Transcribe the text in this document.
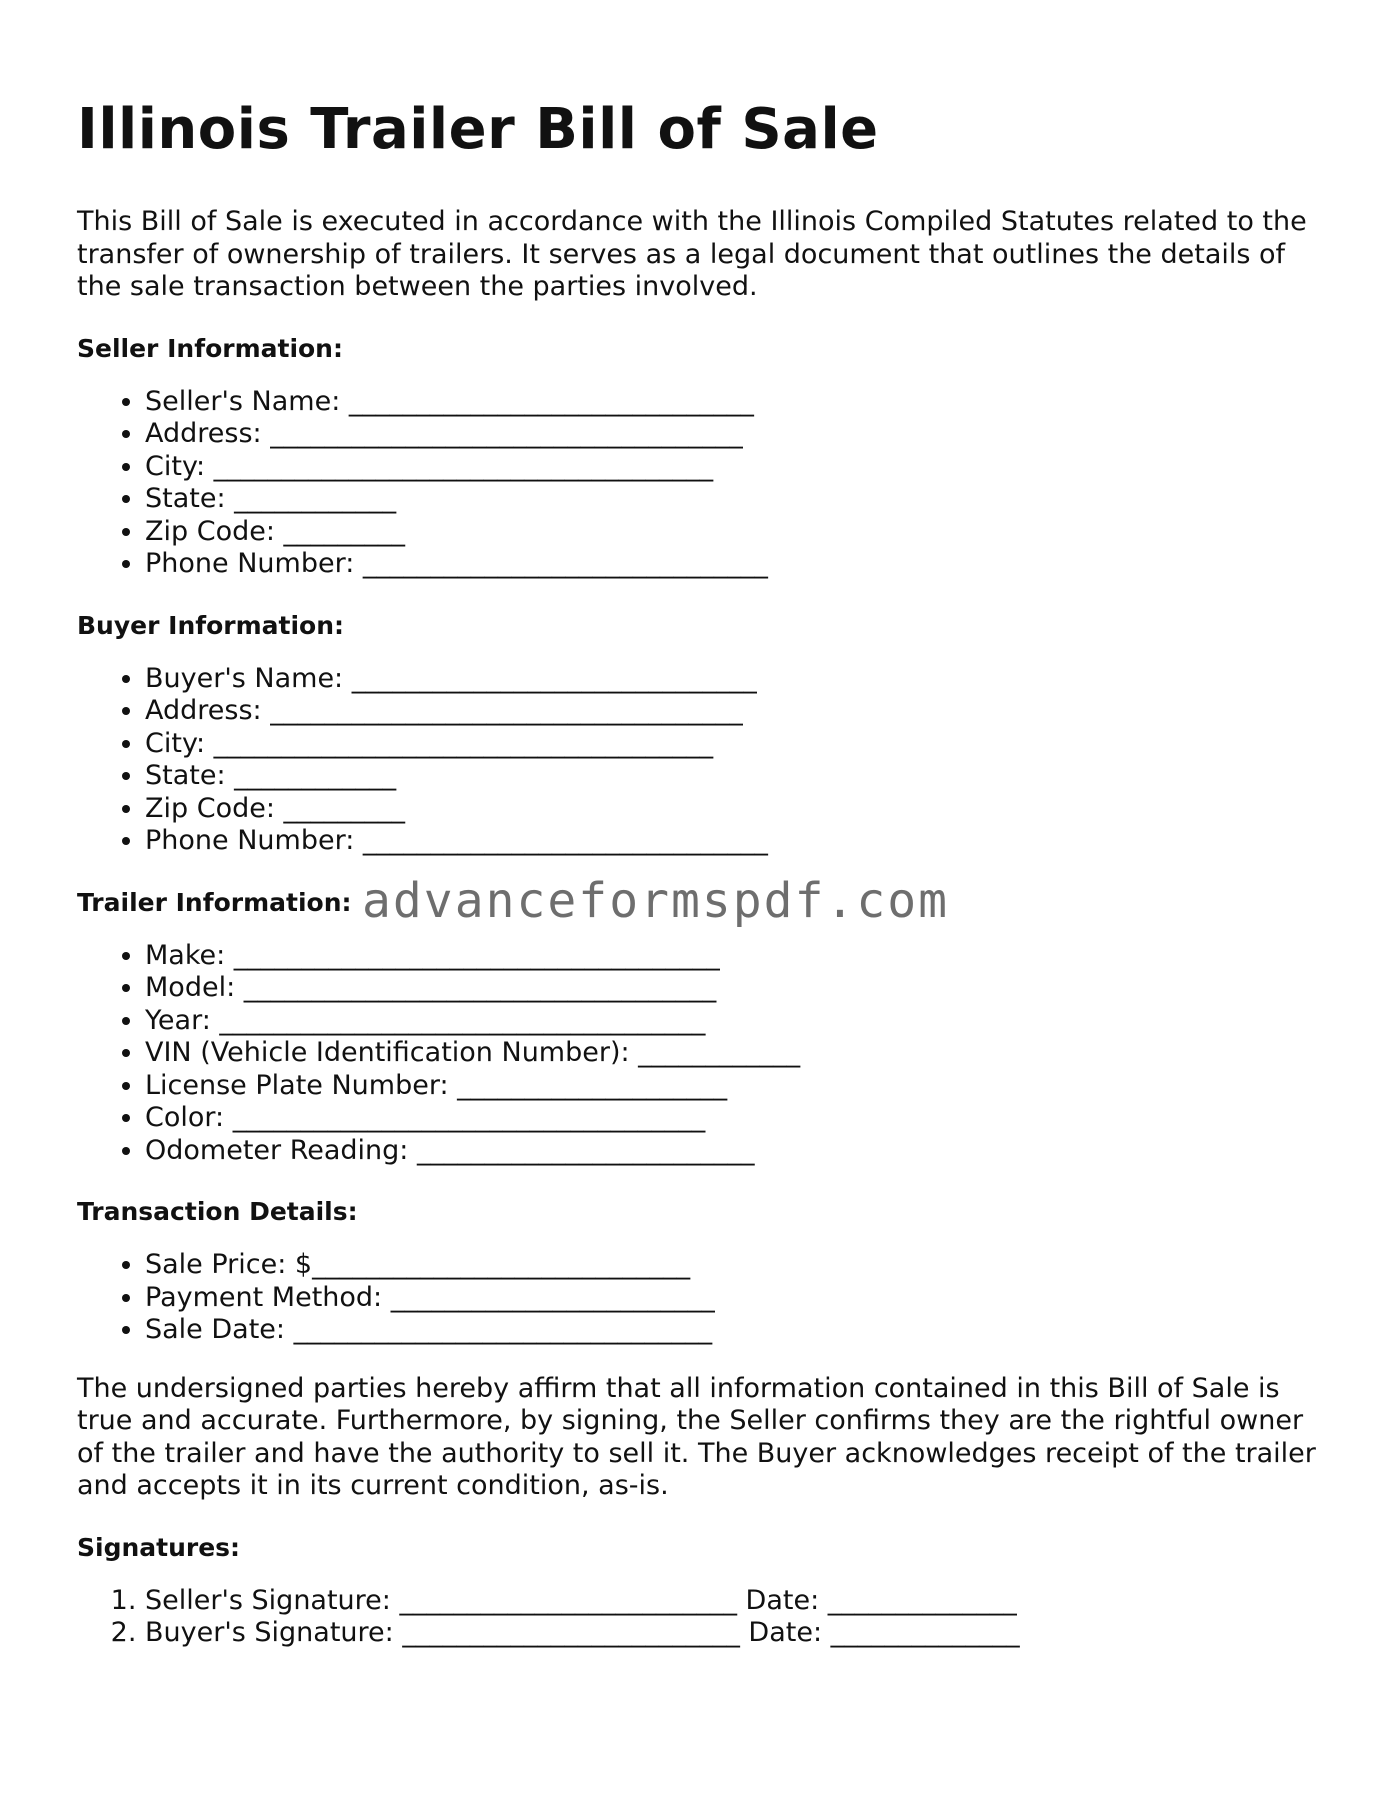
Illinois Trailer Bill of Sale

This Bill of Sale is executed in accordance with the Illinois Compiled Statutes related to the transfer of ownership of trailers. It serves as a legal document that outlines the details of the sale transaction between the parties involved.

Seller Information:
• Seller's Name: ______________________________
• Address: ___________________________________
• City: _____________________________________
• State: ____________
• Zip Code: _________
• Phone Number: ______________________________
Buyer Information:
• Buyer's Name: ______________________________
• Address: ___________________________________
• City: _____________________________________
• State: ____________
• Zip Code: _________
• Phone Number: ______________________________
Trailer Information: advanceformspdf.com
• Make: ____________________________________
• Model: ___________________________________
• Year: ____________________________________
• VIN (Vehicle Identification Number): ____________
• License Plate Number: ____________________
• Color: ___________________________________
• Odometer Reading: _________________________
Transaction Details:
• Sale Price: $____________________________
• Payment Method: ________________________
• Sale Date: _______________________________

The undersigned parties hereby affirm that all information contained in this Bill of Sale is true and accurate. Furthermore, by signing, the Seller confirms they are the rightful owner of the trailer and have the authority to sell it. The Buyer acknowledges receipt of the trailer and accepts it in its current condition, as-is.

Signatures:
1. Seller's Signature: _________________________ Date: ______________
2. Buyer's Signature: _________________________ Date: ______________
